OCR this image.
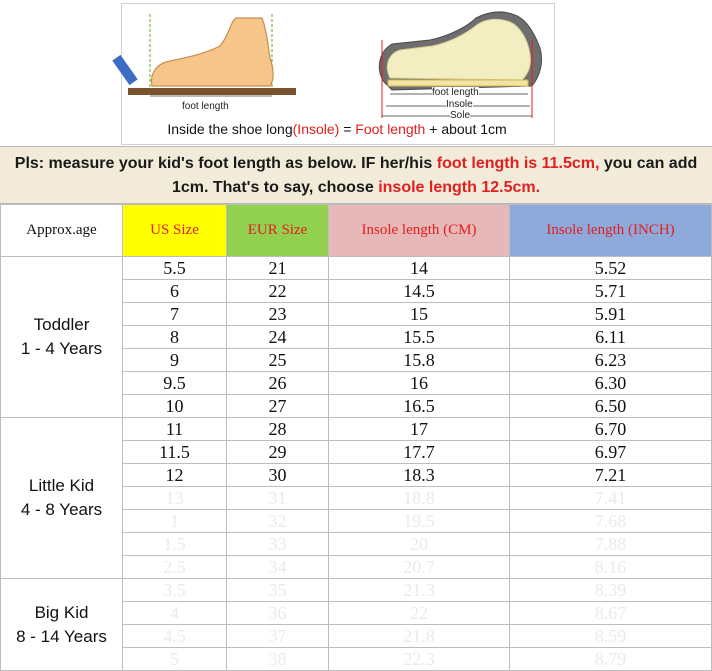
foot length
foot length
Insole
Sole
Inside the shoe long(Insole) = Foot length + about 1cm
Pls: measure your kid's foot length as below. IF her/his foot length is 11.5cm, you can add 1cm. That's to say, choose insole length 12.5cm.
Approx.age	US Size	EUR Size	Insole length (CM)	Insole length (INCH)

Toddler
1 - 4 Years	5.5	21	14	5.52
	6	22	14.5	5.71
	7	23	15	5.91
	8	24	15.5	6.11
	9	25	15.8	6.23
	9.5	26	16	6.30
	10	27	16.5	6.50

Little Kid
4 - 8 Years	11	28	17	6.70
	11.5	29	17.7	6.97
	12	30	18.3	7.21
	13	31	18.8	7.41
	1	32	19.5	7.68
	1.5	33	20	7.88
	2.5	34	20.7	8.16

Big Kid
8 - 14 Years	3.5	35	21.3	8.39
	4	36	22	8.67
	4.5	37	21.8	8.59
	5	38	22.3	8.79
